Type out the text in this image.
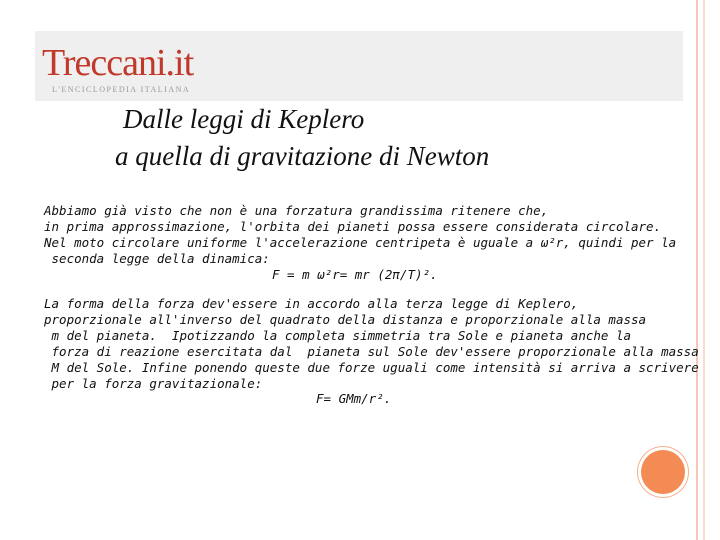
Treccani.it
L'ENCICLOPEDIA ITALIANA
Dalle leggi di Keplero
a quella di gravitazione di Newton
Abbiamo già visto che non è una forzatura grandissima ritenere che,
in prima approssimazione, l'orbita dei pianeti possa essere considerata circolare.
Nel moto circolare uniforme l'accelerazione centripeta è uguale a ω²r, quindi per la
seconda legge della dinamica:
F = m ω²r= mr (2π/T)².
La forma della forza dev'essere in accordo alla terza legge di Keplero,
proporzionale all'inverso del quadrato della distanza e proporzionale alla massa
m del pianeta.  Ipotizzando la completa simmetria tra Sole e pianeta anche la
forza di reazione esercitata dal  pianeta sul Sole dev'essere proporzionale alla massa
M del Sole. Infine ponendo queste due forze uguali come intensità si arriva a scrivere
per la forza gravitazionale:
F= GMm/r².
